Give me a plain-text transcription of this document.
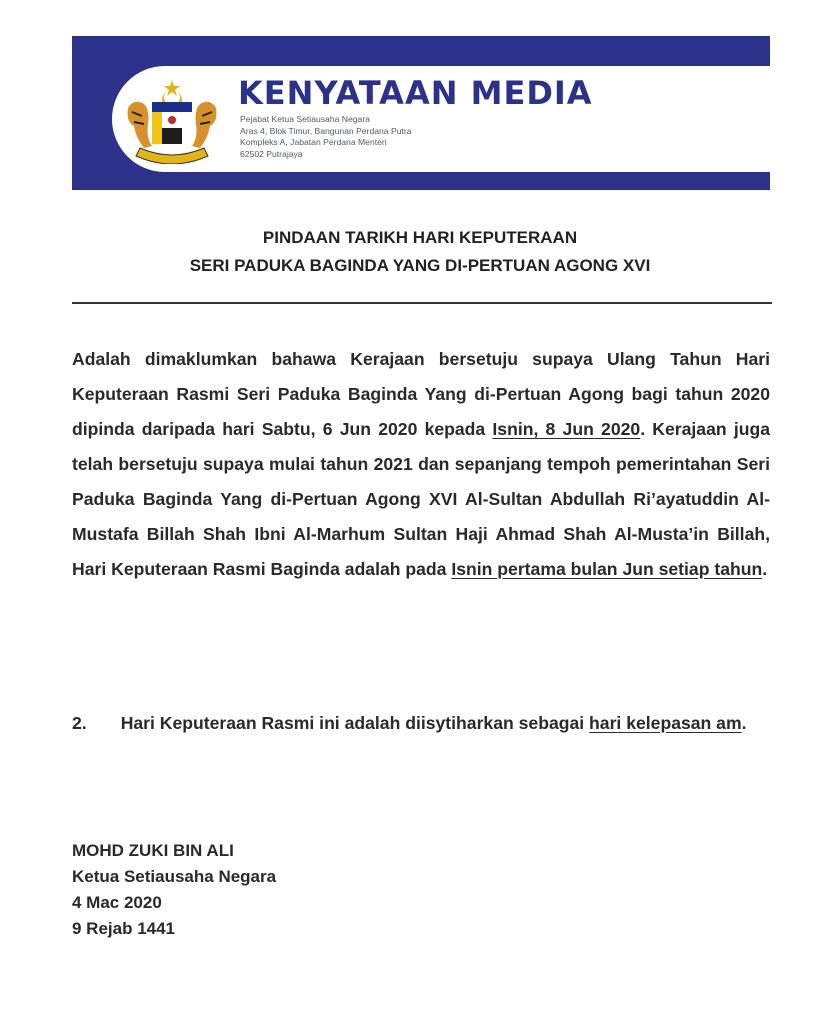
KENYATAAN MEDIA
Pejabat Ketua Setiausaha Negara
Aras 4, Blok Timur, Bangunan Perdana Putra
Kompleks A, Jabatan Perdana Menteri
62502 Putrajaya
PINDAAN TARIKH HARI KEPUTERAAN
SERI PADUKA BAGINDA YANG DI-PERTUAN AGONG XVI

Adalah dimaklumkan bahawa Kerajaan bersetuju supaya Ulang Tahun Hari Keputeraan Rasmi Seri Paduka Baginda Yang di-Pertuan Agong bagi tahun 2020 dipinda daripada hari Sabtu, 6 Jun 2020 kepada Isnin, 8 Jun 2020. Kerajaan juga telah bersetuju supaya mulai tahun 2021 dan sepanjang tempoh pemerintahan Seri Paduka Baginda Yang di-Pertuan Agong XVI Al-Sultan Abdullah Ri’ayatuddin Al-Mustafa Billah Shah Ibni Al-Marhum Sultan Haji Ahmad Shah Al-Musta’in Billah, Hari Keputeraan Rasmi Baginda adalah pada Isnin pertama bulan Jun setiap tahun.

2. Hari Keputeraan Rasmi ini adalah diisytiharkan sebagai hari kelepasan am.

MOHD ZUKI BIN ALI
Ketua Setiausaha Negara
4 Mac 2020
9 Rejab 1441
